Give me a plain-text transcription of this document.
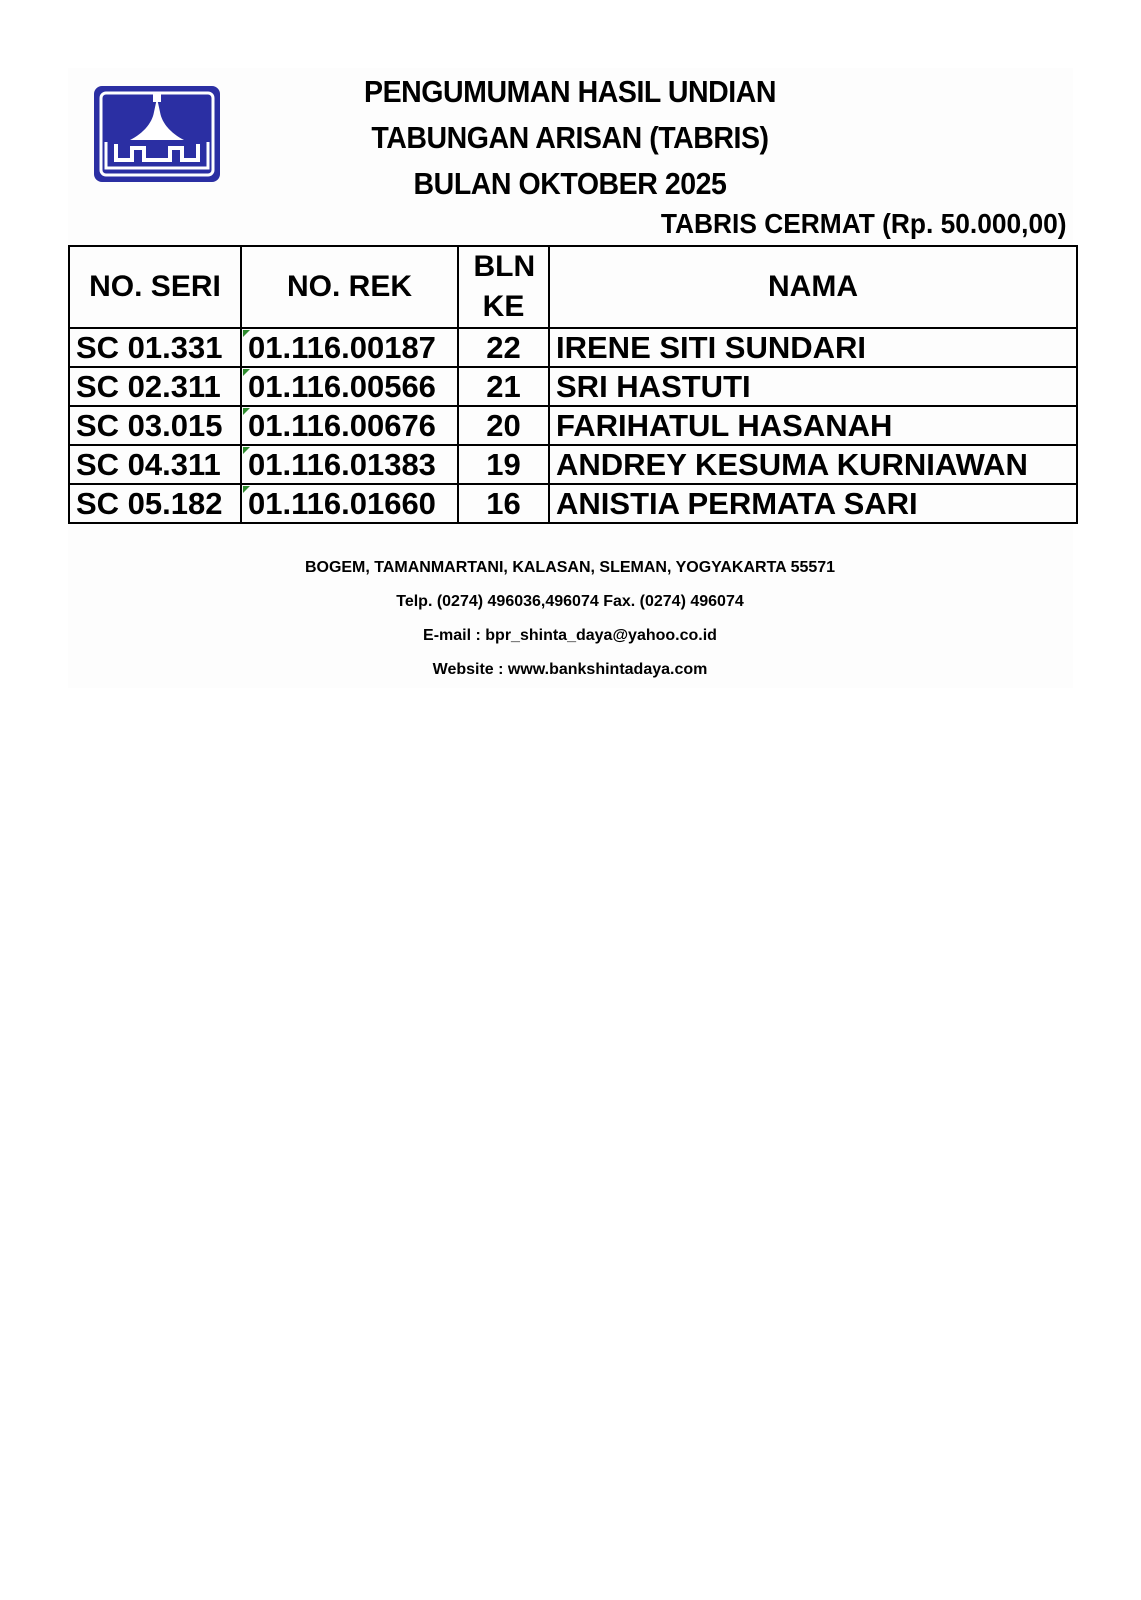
PENGUMUMAN HASIL UNDIAN
TABUNGAN ARISAN (TABRIS)
BULAN OKTOBER 2025
TABRIS CERMAT (Rp. 50.000,00)
NO. SERI	NO. REK	BLN KE	NAMA
SC 01.331	01.116.00187	22	IRENE SITI SUNDARI
SC 02.311	01.116.00566	21	SRI HASTUTI
SC 03.015	01.116.00676	20	FARIHATUL HASANAH
SC 04.311	01.116.01383	19	ANDREY KESUMA KURNIAWAN
SC 05.182	01.116.01660	16	ANISTIA PERMATA SARI
BOGEM, TAMANMARTANI, KALASAN, SLEMAN, YOGYAKARTA 55571
Telp. (0274) 496036,496074 Fax. (0274) 496074
E-mail : bpr_shinta_daya@yahoo.co.id
Website : www.bankshintadaya.com
